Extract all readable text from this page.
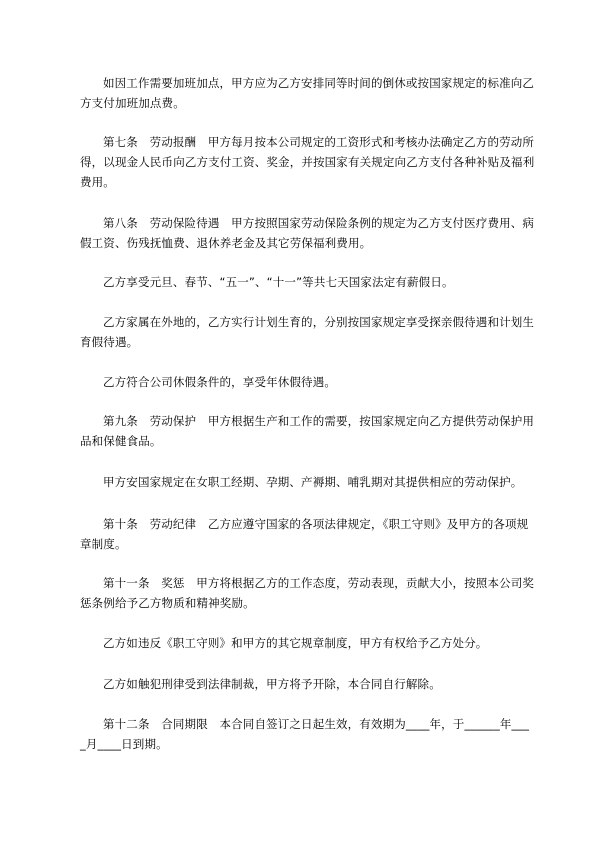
如因工作需要加班加点，甲方应为乙方安排同等时间的倒休或按国家规定的标准向乙方支付加班加点费。

第七条　劳动报酬　甲方每月按本公司规定的工资形式和考核办法确定乙方的劳动所得，以现金人民币向乙方支付工资、奖金，并按国家有关规定向乙方支付各种补贴及福利费用。

第八条　劳动保险待遇　甲方按照国家劳动保险条例的规定为乙方支付医疗费用、病假工资、伤残抚恤费、退休养老金及其它劳保福利费用。

乙方享受元旦、春节、“五一”、“十一”等共七天国家法定有薪假日。

乙方家属在外地的，乙方实行计划生育的，分别按国家规定享受探亲假待遇和计划生育假待遇。

乙方符合公司休假条件的，享受年休假待遇。

第九条　劳动保护　甲方根据生产和工作的需要，按国家规定向乙方提供劳动保护用品和保健食品。

甲方安国家规定在女职工经期、孕期、产褥期、哺乳期对其提供相应的劳动保护。

第十条　劳动纪律　乙方应遵守国家的各项法律规定，《职工守则》及甲方的各项规章制度。

第十一条　奖惩　甲方将根据乙方的工作态度，劳动表现，贡献大小，按照本公司奖惩条例给予乙方物质和精神奖励。

乙方如违反《职工守则》和甲方的其它规章制度，甲方有权给予乙方处分。

乙方如触犯刑律受到法律制裁，甲方将予开除，本合同自行解除。

第十二条　合同期限　本合同自签订之日起生效，有效期为____年，于______年____月____日到期。
